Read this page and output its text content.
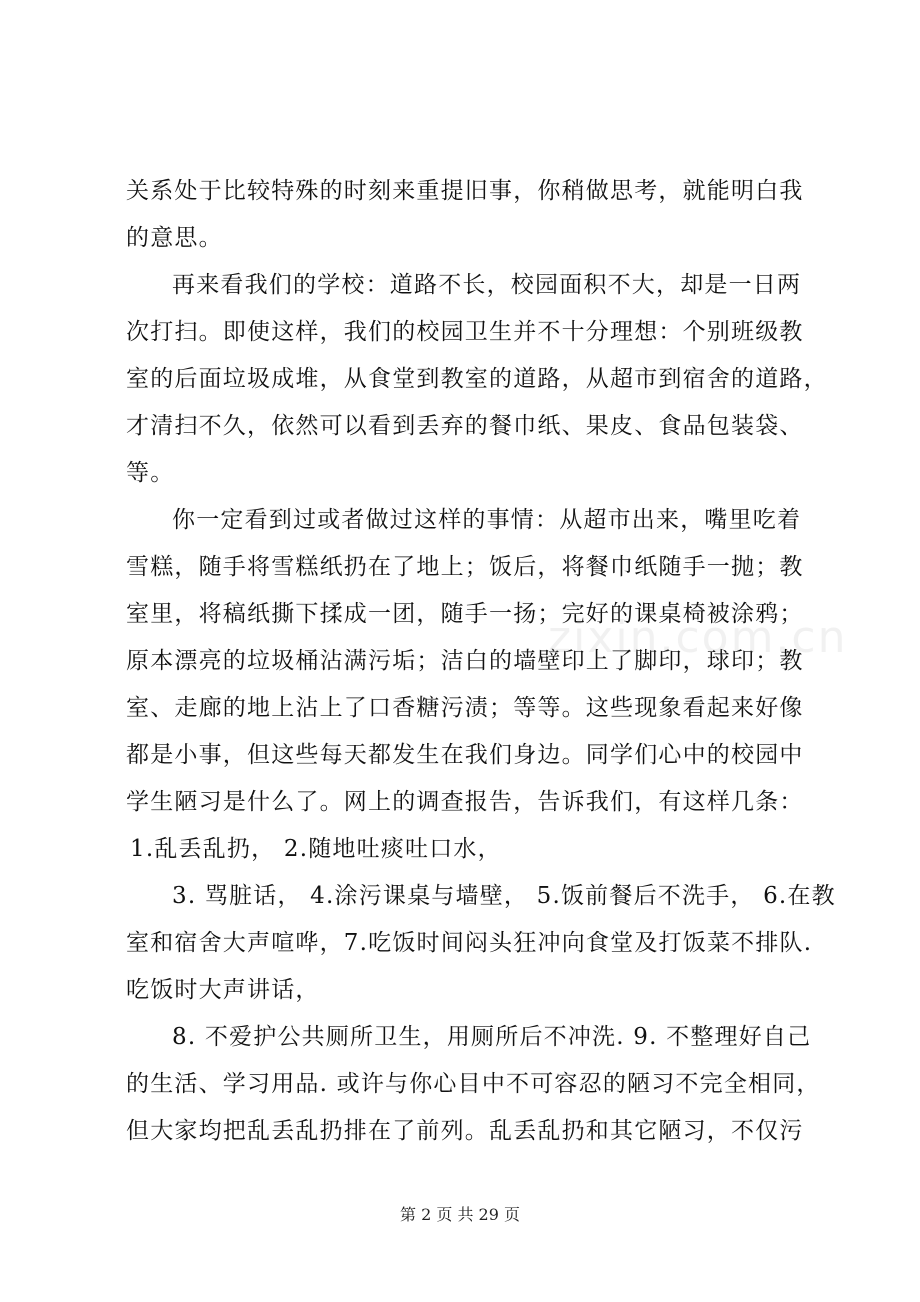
关系处于比较特殊的时刻来重提旧事，你稍做思考，就能明白我
的意思。
再来看我们的学校：道路不长，校园面积不大，却是一日两
次打扫。即使这样，我们的校园卫生并不十分理想：个别班级教
室的后面垃圾成堆，从食堂到教室的道路，从超市到宿舍的道路，
才清扫不久，依然可以看到丢弃的餐巾纸、果皮、食品包装袋、
等。
你一定看到过或者做过这样的事情：从超市出来，嘴里吃着
雪糕，随手将雪糕纸扔在了地上；饭后，将餐巾纸随手一抛；教
室里，将稿纸撕下揉成一团，随手一扬；完好的课桌椅被涂鸦；
原本漂亮的垃圾桶沾满污垢；洁白的墙壁印上了脚印，球印；教
室、走廊的地上沾上了口香糖污渍；等等。这些现象看起来好像
都是小事，但这些每天都发生在我们身边。同学们心中的校园中
学生陋习是什么了。网上的调查报告，告诉我们，有这样几条：
1.乱丢乱扔， 2.随地吐痰吐口水，
3. 骂脏话， 4.涂污课桌与墙壁， 5.饭前餐后不洗手， 6.在教
室和宿舍大声喧哗，7.吃饭时间闷头狂冲向食堂及打饭菜不排队.
吃饭时大声讲话，
8. 不爱护公共厕所卫生，用厕所后不冲洗. 9. 不整理好自己
的生活、学习用品. 或许与你心目中不可容忍的陋习不完全相同，
但大家均把乱丢乱扔排在了前列。乱丢乱扔和其它陋习，不仅污
zixin.com.cn
第 2 页 共 29 页
